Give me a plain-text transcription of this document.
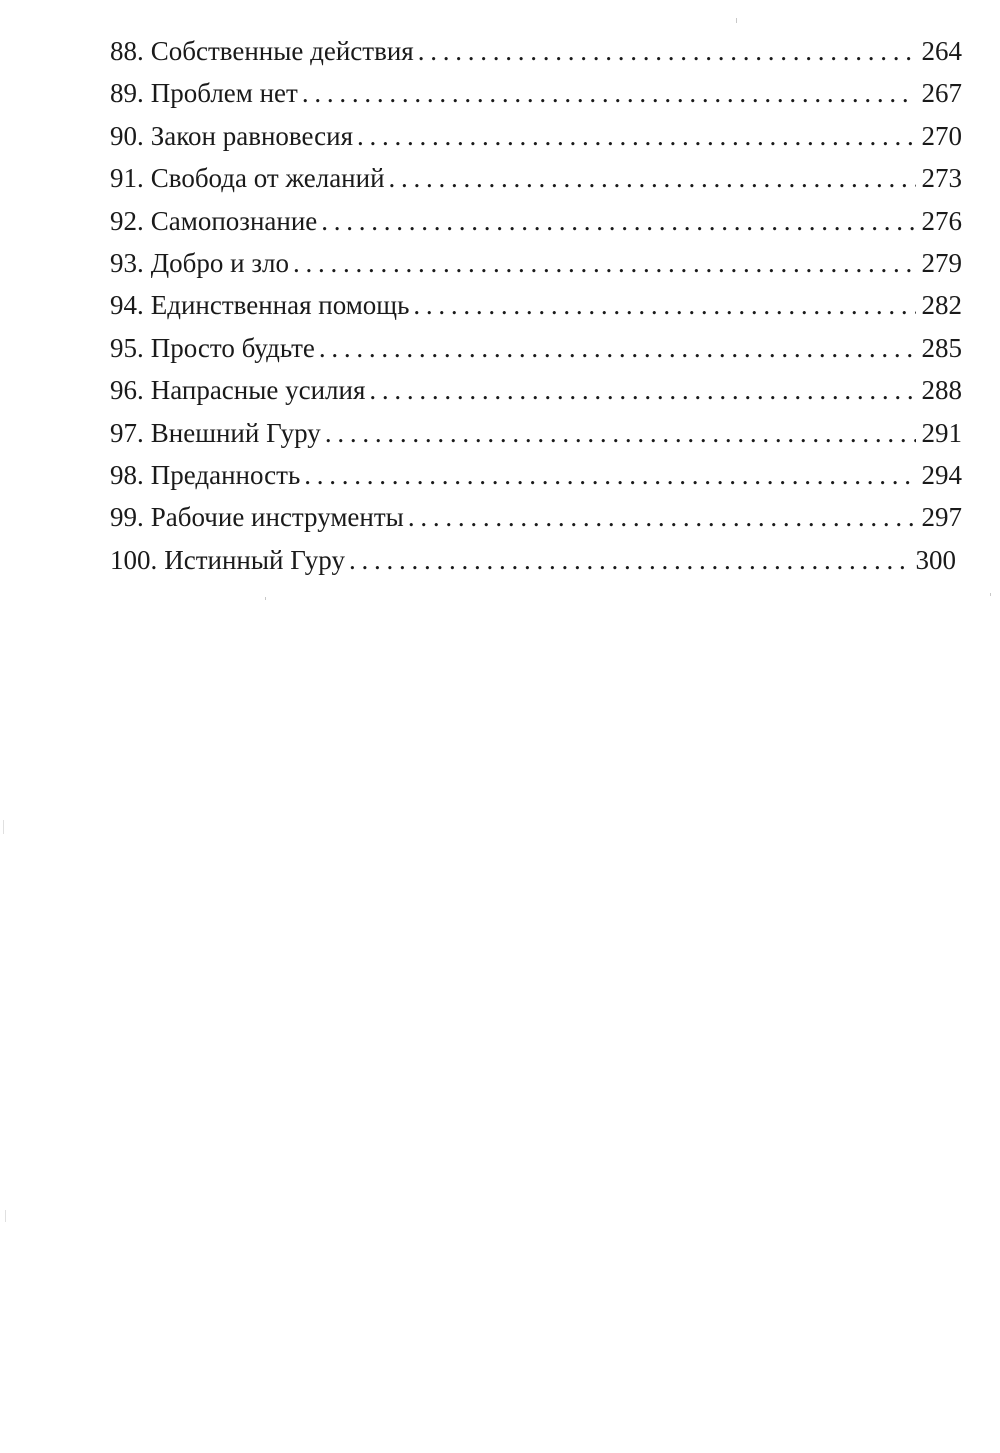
88. Собственные действия . . .	264
89. Проблем нет . . .	267
90. Закон равновесия . . .	270
91. Свобода от желаний . . .	273
92. Самопознание . . .	276
93. Добро и зло . . .	279
94. Единственная помощь . . .	282
95. Просто будьте . . .	285
96. Напрасные усилия . . .	288
97. Внешний Гуру . . .	291
98. Преданность . . .	294
99. Рабочие инструменты . . .	297
100. Истинный Гуру . . .	300
